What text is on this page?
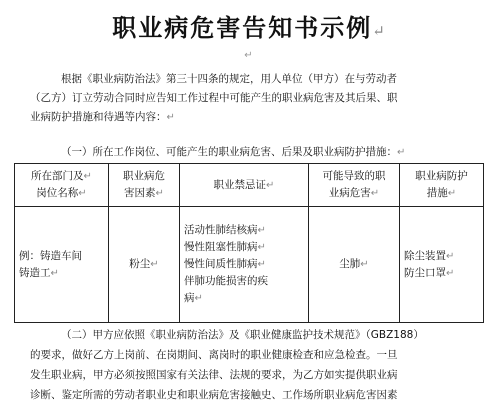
职业病危害告知书示例↵
↵
根据《职业病防治法》第三十四条的规定，用人单位（甲方）在与劳动者
（乙方）订立劳动合同时应告知工作过程中可能产生的职业病危害及其后果、职
业病防护措施和待遇等内容：↵
（一）所在工作岗位、可能产生的职业病危害、后果及职业病防护措施：↵
所在部门及↵
岗位名称↵	职业病危
害因素↵	职业禁忌证↵	可能导致的职
业病危害↵	职业病防护
措施↵
例：铸造车间
铸造工↵	粉尘↵	活动性肺结核病↵
慢性阻塞性肺病↵
慢性间质性肺病↵
伴肺功能损害的疾
病↵	尘肺↵	除尘装置↵
防尘口罩↵
（二）甲方应依照《职业病防治法》及《职业健康监护技术规范》（GBZ188）
的要求，做好乙方上岗前、在岗期间、离岗时的职业健康检查和应急检查。一旦
发生职业病，甲方必须按照国家有关法律、法规的要求，为乙方如实提供职业病
诊断、鉴定所需的劳动者职业史和职业病危害接触史、工作场所职业病危害因素
